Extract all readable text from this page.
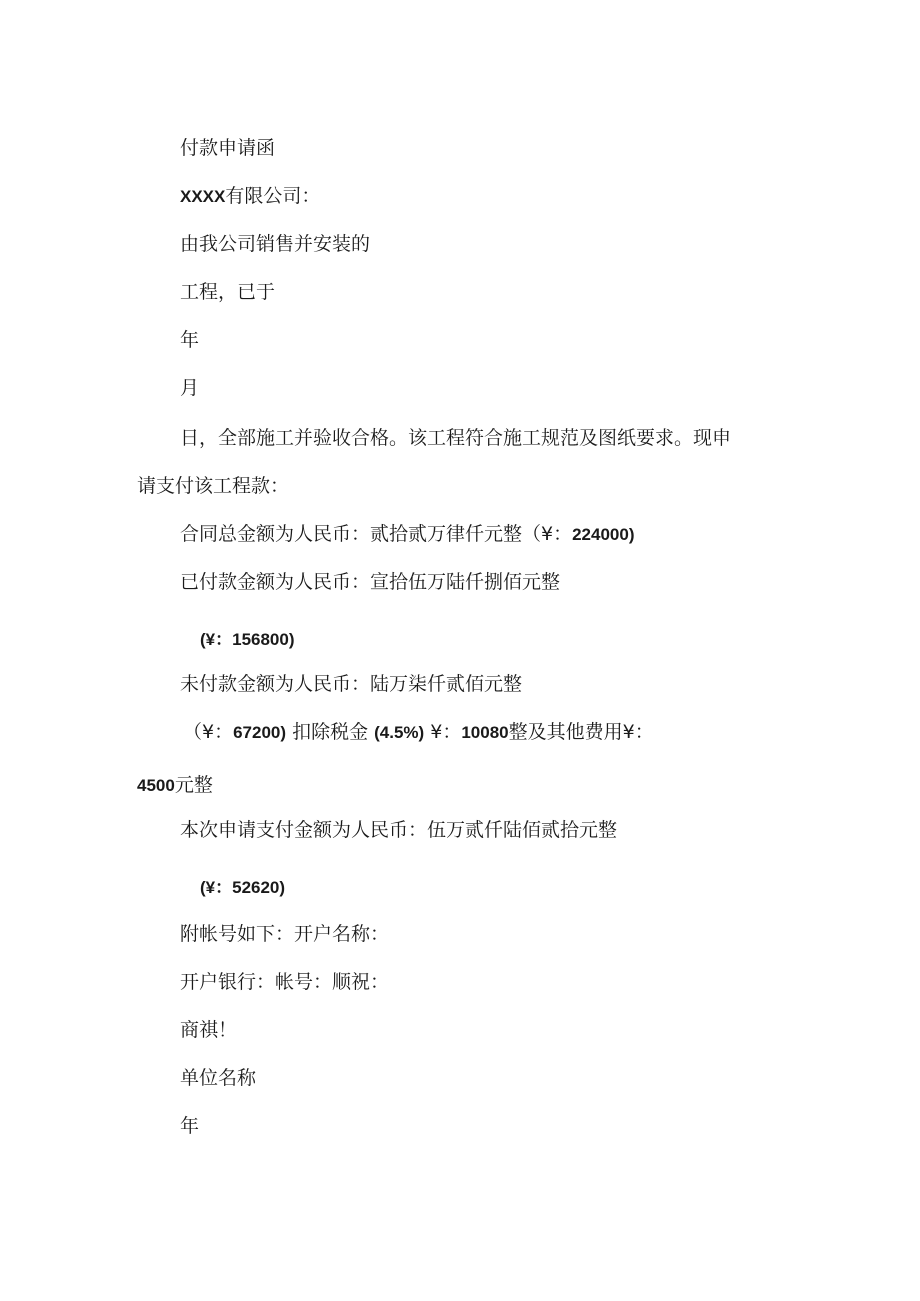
付款申请函
XXXX有限公司：
由我公司销售并安装的
工程，已于
年
月
日，全部施工并验收合格。该工程符合施工规范及图纸要求。现申
请支付该工程款：
合同总金额为人民币：贰拾贰万律仟元整（¥：224000)
已付款金额为人民币：宣拾伍万陆仟捌佰元整
(¥：156800)
未付款金额为人民币：陆万柒仟贰佰元整
（¥：67200) 扣除税金 (4.5%) ¥：10080整及其他费用¥：
4500元整
本次申请支付金额为人民币：伍万贰仟陆佰贰拾元整
(¥：52620)
附帐号如下：开户名称：
开户银行：帐号：顺祝：
商祺！
单位名称
年
